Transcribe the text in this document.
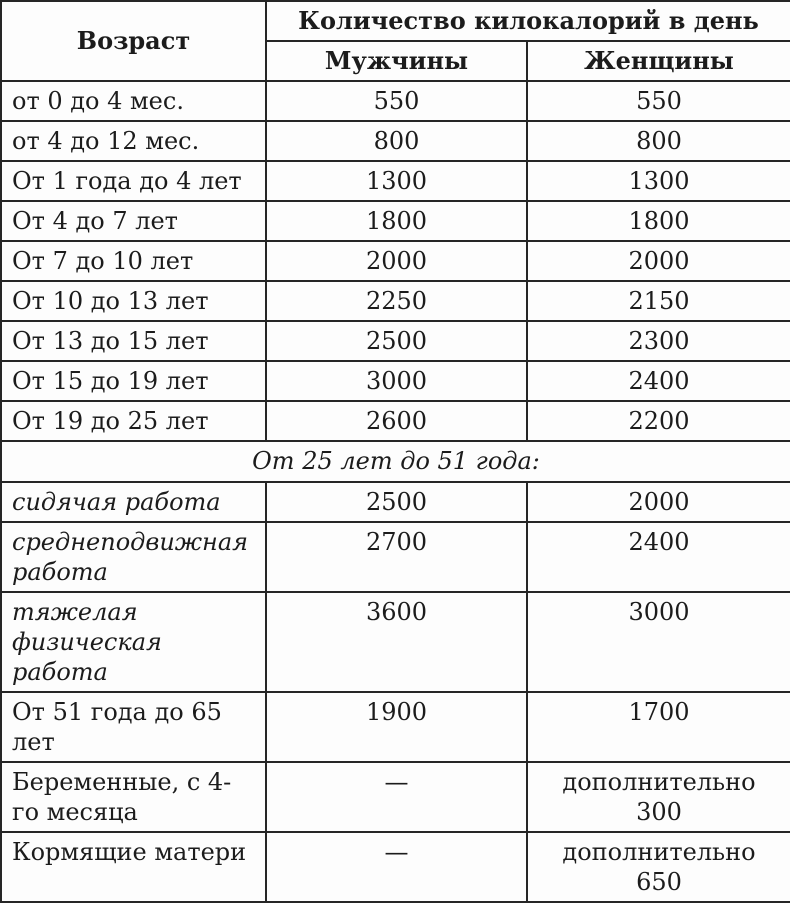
Возраст	Количество килокалорий в день	
	Мужчины	Женщины
от 0 до 4 мес.	550	550
от 4 до 12 мес.	800	800
От 1 года до 4 лет	1300	1300
От 4 до 7 лет	1800	1800
От 7 до 10 лет	2000	2000
От 10 до 13 лет	2250	2150
От 13 до 15 лет	2500	2300
От 15 до 19 лет	3000	2400
От 19 до 25 лет	2600	2200
От 25 лет до 51 года:		
сидячая работа	2500	2000
среднеподвижная работа	2700	2400
тяжелая физическая работа	3600	3000
От 51 года до 65 лет	1900	1700
Беременные, с 4-го месяца	—	дополнительно 300
Кормящие матери	—	дополнительно 650
